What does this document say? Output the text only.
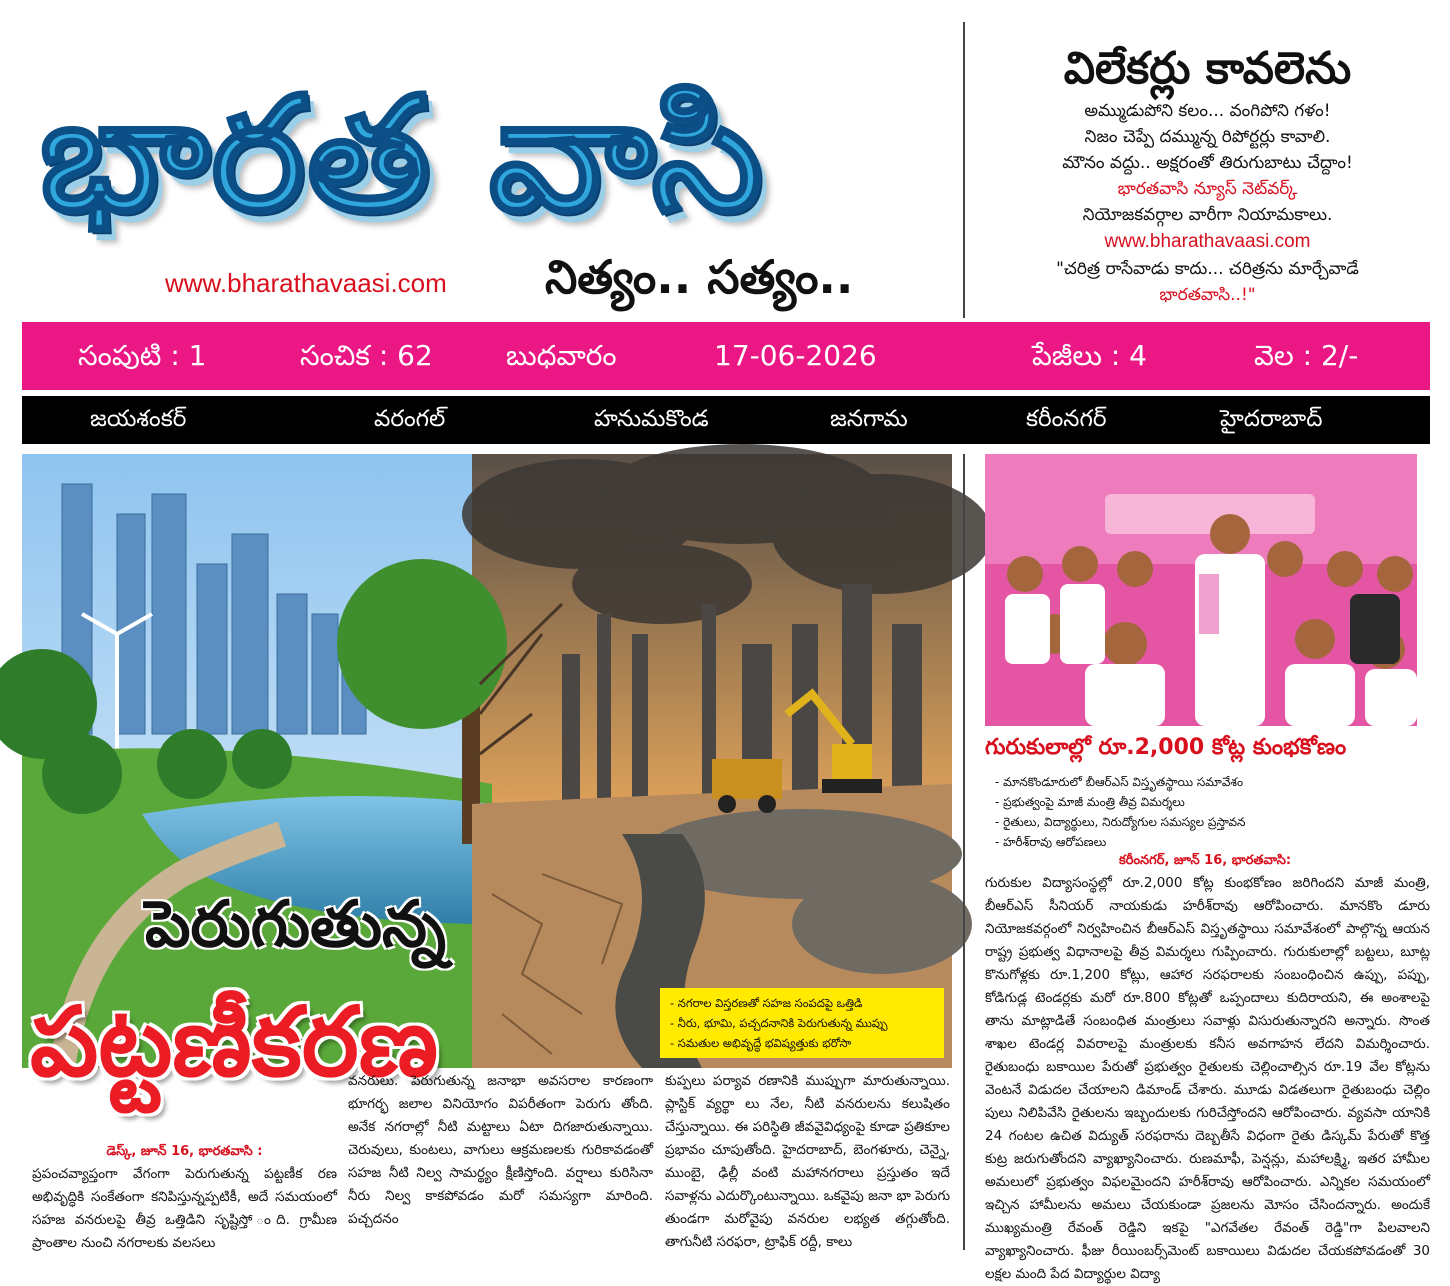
భారత వాసి
www.bharathavaasi.com	నిత్యం.. సత్యం..
విలేకర్లు కావలెను
అమ్ముడుపోని కలం... వంగిపోని గళం!
నిజం చెప్పే దమ్మున్న రిపోర్టర్లు కావాలి.
మౌనం వద్దు.. అక్షరంతో తిరుగుబాటు చేద్దాం!
భారతవాసి న్యూస్ నెట్‌వర్క్
నియోజకవర్గాల వారీగా నియామకాలు.
www.bharathavaasi.com
"చరిత్ర రాసేవాడు కాదు... చరిత్రను మార్చేవాడే
భారతవాసి..!"
సంపుటి : 1	సంచిక : 62	బుధవారం	17-06-2026	పేజీలు : 4	వెల : 2/-
జయశంకర్	వరంగల్	హనుమకొండ	జనగామ	కరీంనగర్	హైదరాబాద్
పెరుగుతున్న
పట్టణీకరణ	- నగరాల విస్తరణతో సహజ సంపదపై ఒత్తిడి
- నీరు, భూమి, పచ్చదనానికి పెరుగుతున్న ముప్పు
- సమతుల అభివృద్ధే భవిష్యత్తుకు భరోసా
డెస్క్, జూన్ 16, భారతవాసి :
ప్రపంచవ్యాప్తంగా వేగంగా పెరుగుతున్న పట్టణీక రణ అభివృద్ధికి సంకేతంగా కనిపిస్తున్నప్పటికీ, అదే సమయంలో సహజ వనరులపై తీవ్ర ఒత్తిడిని సృష్టిస్తో ంది. గ్రామీణ ప్రాంతాల నుంచి నగరాలకు వలసలు
వనరులు. పెరుగుతున్న జనాభా అవసరాల కారణంగా భూగర్భ జలాల వినియోగం విపరీతంగా పెరుగు తోంది. అనేక నగరాల్లో నీటి మట్టాలు ఏటా దిగజారుతున్నాయి. చెరువులు, కుంటలు, వాగులు ఆక్రమణలకు గురికావడంతో సహజ నీటి నిల్వ సామర్థ్యం క్షీణిస్తోంది. వర్షాలు కురిసినా నీరు నిల్వ కాకపోవడం మరో సమస్యగా మారింది. పచ్చదనం
కుప్పలు పర్యావ రణానికి ముప్పుగా మారుతున్నాయి. ప్లాస్టిక్ వ్యర్థా లు నేల, నీటి వనరులను కలుషితం చేస్తున్నాయి. ఈ పరిస్థితి జీవవైవిధ్యంపై కూడా ప్రతికూల ప్రభావం చూపుతోంది. హైదరాబాద్, బెంగళూరు, చెన్నై, ముంబై, ఢిల్లీ వంటి మహానగరాలు ప్రస్తుతం ఇదే సవాళ్లను ఎదుర్కొంటున్నాయి. ఒకవైపు జనా భా పెరుగు తుండగా మరోవైపు వనరుల లభ్యత తగ్గుతోంది. తాగునీటి సరఫరా, ట్రాఫిక్ రద్దీ, కాలు
గురుకులాల్లో రూ.2,000 కోట్ల కుంభకోణం
- మానకొండూరులో బీఆర్ఎస్ విస్తృతస్థాయి సమావేశం
- ప్రభుత్వంపై మాజీ మంత్రి తీవ్ర విమర్శలు
- రైతులు, విద్యార్థులు, నిరుద్యోగుల సమస్యల ప్రస్తావన
- హరీశ్‌రావు ఆరోపణలు
కరీంనగర్, జూన్ 16, భారతవాసి:
గురుకుల విద్యాసంస్థల్లో రూ.2,000 కోట్ల కుంభకోణం జరిగిందని మాజీ మంత్రి, బీఆర్ఎస్ సీనియర్ నాయకుడు హరీశ్‌రావు ఆరోపించారు. మానకొం డూరు నియోజకవర్గంలో నిర్వహించిన బీఆర్ఎస్ విస్తృతస్థాయి సమావేశంలో పాల్గొన్న ఆయన రాష్ట్ర ప్రభుత్వ విధానాలపై తీవ్ర విమర్శలు గుప్పించారు. గురుకులాల్లో బట్టలు, బూట్ల కొనుగోళ్లకు రూ.1,200 కోట్లు, ఆహార సరఫరాలకు సంబంధించిన ఉప్పు, పప్పు, కోడిగుడ్ల టెండర్లకు మరో రూ.800 కోట్లతో ఒప్పందాలు కుదిరాయని, ఈ అంశాలపై తాను మాట్లాడితే సంబంధిత మంత్రులు సవాళ్లు విసురుతున్నారని అన్నారు. సొంత శాఖల టెండర్ల వివరాలపై మంత్రులకు కనీస అవగాహన లేదని విమర్శించారు. రైతుబంధు బకాయిల పేరుతో ప్రభుత్వం రైతులకు చెల్లించాల్సిన రూ.19 వేల కోట్లను వెంటనే విడుదల చేయాలని డిమాండ్ చేశారు. మూడు విడతలుగా రైతుబంధు చెల్లిం పులు నిలిపివేసి రైతులను ఇబ్బందులకు గురిచేస్తోందని ఆరోపించారు. వ్యవసా యానికి 24 గంటల ఉచిత విద్యుత్ సరఫరాను దెబ్బతీసే విధంగా రైతు డిస్కమ్ పేరుతో కొత్త కుట్ర జరుగుతోందని వ్యాఖ్యానించారు. రుణమాఫీ, పెన్షన్లు, మహాలక్ష్మి, ఇతర హామీల అమలులో ప్రభుత్వం విఫలమైందని హరీశ్‌రావు ఆరోపించారు. ఎన్నికల సమయంలో ఇచ్చిన హామీలను అమలు చేయకుండా ప్రజలను మోసం చేసిందన్నారు. అందుకే ముఖ్యమంత్రి రేవంత్ రెడ్డిని ఇకపై "ఎగవేతల రేవంత్ రెడ్డి"గా పిలవాలని వ్యాఖ్యానించారు. ఫీజు రీయింబర్స్‌మెంట్ బకాయిలు విడుదల చేయకపోవడంతో 30 లక్షల మంది పేద విద్యార్థుల విద్యా
